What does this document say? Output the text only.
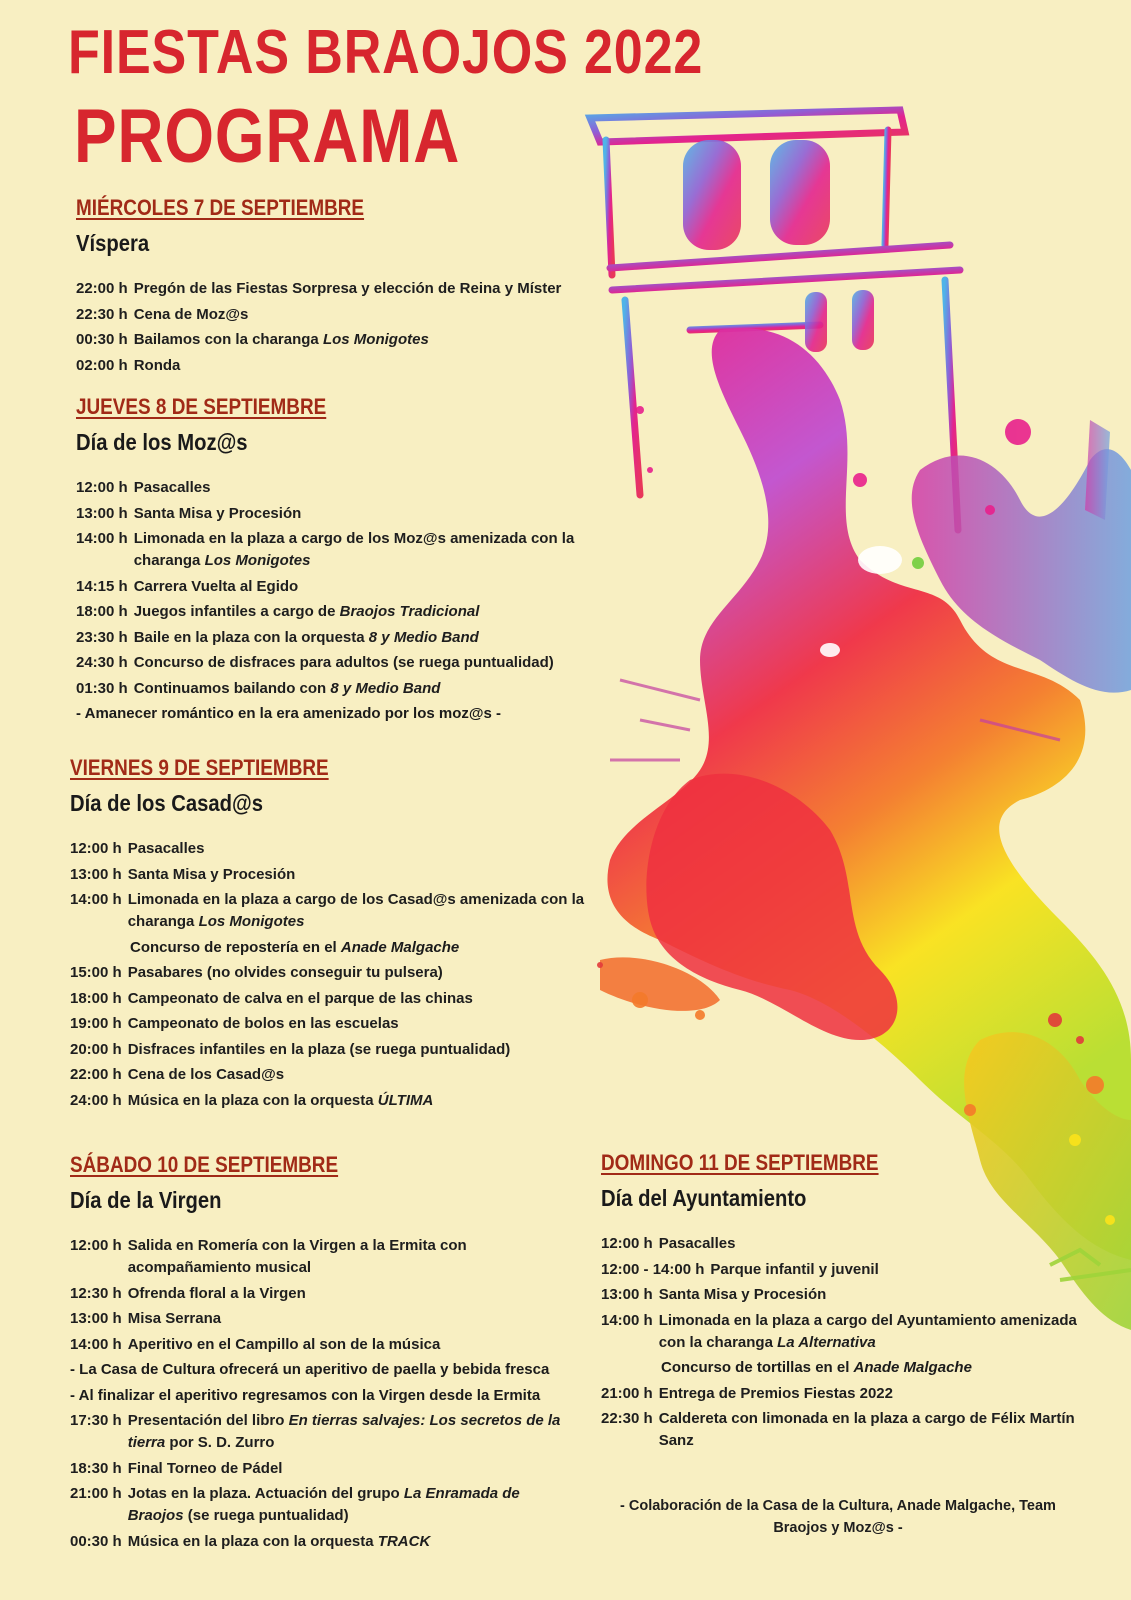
FIESTAS BRAOJOS 2022
PROGRAMA
MIÉRCOLES 7 DE SEPTIEMBRE
Víspera
22:00 h Pregón de las Fiestas Sorpresa y elección de Reina y Míster
22:30 h Cena de Moz@s
00:30 h Bailamos con la charanga Los Monigotes
02:00 h Ronda
JUEVES 8 DE SEPTIEMBRE
Día de los Moz@s
12:00 h Pasacalles
13:00 h Santa Misa y Procesión
14:00 h Limonada en la plaza a cargo de los Moz@s amenizada con la charanga Los Monigotes
14:15 h Carrera Vuelta al Egido
18:00 h Juegos infantiles a cargo de Braojos Tradicional
23:30 h Baile en la plaza con la orquesta 8 y Medio Band
24:30 h Concurso de disfraces para adultos (se ruega puntualidad)
01:30 h Continuamos bailando con 8 y Medio Band
- Amanecer romántico en la era amenizado por los moz@s -
VIERNES 9 DE SEPTIEMBRE
Día de los Casad@s
12:00 h Pasacalles
13:00 h Santa Misa y Procesión
14:00 h Limonada en la plaza a cargo de los Casad@s amenizada con la charanga Los Monigotes
Concurso de repostería en el Anade Malgache
15:00 h Pasabares (no olvides conseguir tu pulsera)
18:00 h Campeonato de calva en el parque de las chinas
19:00 h Campeonato de bolos en las escuelas
20:00 h Disfraces infantiles en la plaza (se ruega puntualidad)
22:00 h Cena de los Casad@s
24:00 h Música en la plaza con la orquesta ÚLTIMA
SÁBADO 10 DE SEPTIEMBRE
Día de la Virgen
12:00 h Salida en Romería con la Virgen a la Ermita con acompañamiento musical
12:30 h Ofrenda floral a la Virgen
13:00 h Misa Serrana
14:00 h Aperitivo en el Campillo al son de la música
- La Casa de Cultura ofrecerá un aperitivo de paella y bebida fresca
- Al finalizar el aperitivo regresamos con la Virgen desde la Ermita
17:30 h Presentación del libro En tierras salvajes: Los secretos de la tierra por S. D. Zurro
18:30 h Final Torneo de Pádel
21:00 h Jotas en la plaza. Actuación del grupo La Enramada de Braojos (se ruega puntualidad)
00:30 h Música en la plaza con la orquesta TRACK
DOMINGO 11 DE SEPTIEMBRE
Día del Ayuntamiento
12:00 h Pasacalles
12:00 - 14:00 h Parque infantil y juvenil
13:00 h Santa Misa y Procesión
14:00 h Limonada en la plaza a cargo del Ayuntamiento amenizada con la charanga La Alternativa
Concurso de tortillas en el Anade Malgache
21:00 h Entrega de Premios Fiestas 2022
22:30 h Caldereta con limonada en la plaza a cargo de Félix Martín Sanz
- Colaboración de la Casa de la Cultura, Anade Malgache, Team Braojos y Moz@s -
